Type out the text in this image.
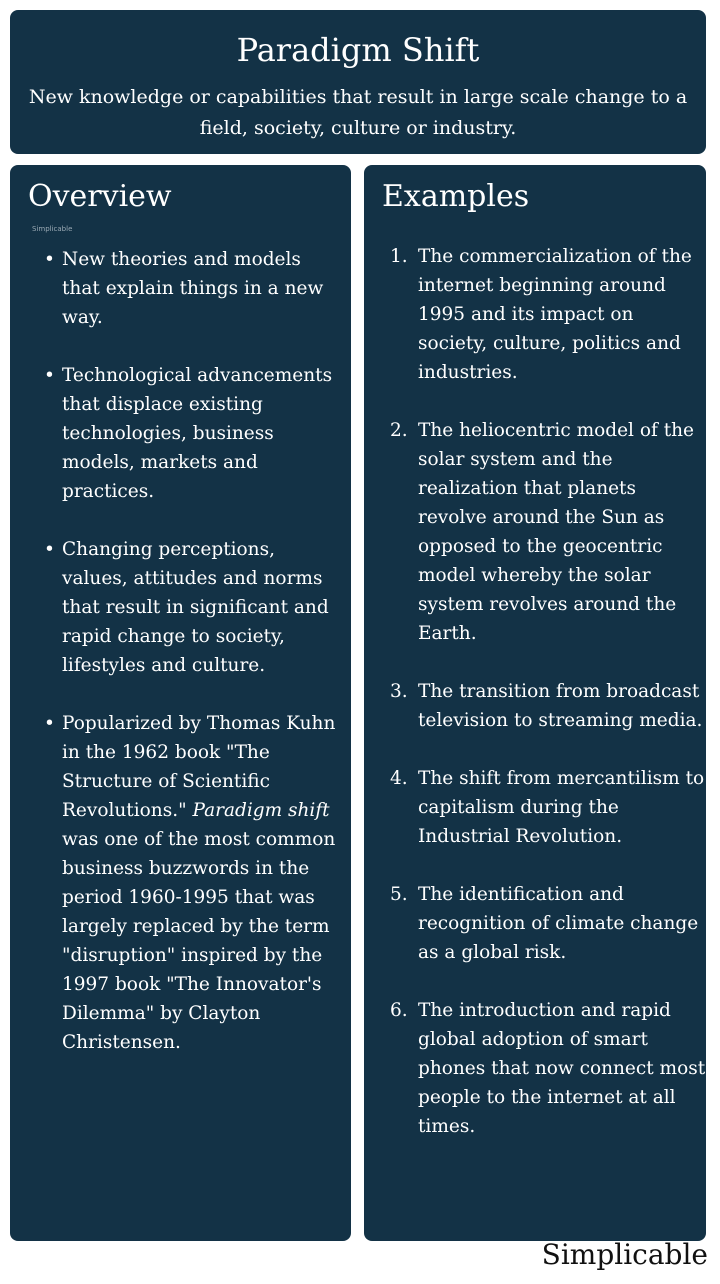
Paradigm Shift
New knowledge or capabilities that result in large scale change to a field, society, culture or industry.
Overview
Simplicable
• New theories and models that explain things in a new way.
• Technological advancements that displace existing technologies, business models, markets and practices.
• Changing perceptions, values, attitudes and norms that result in significant and rapid change to society, lifestyles and culture.
• Popularized by Thomas Kuhn in the 1962 book "The Structure of Scientific Revolutions." Paradigm shift was one of the most common business buzzwords in the period 1960-1995 that was largely replaced by the term "disruption" inspired by the 1997 book "The Innovator's Dilemma" by Clayton Christensen.
Examples
1. The commercialization of the internet beginning around 1995 and its impact on society, culture, politics and industries.
2. The heliocentric model of the solar system and the realization that planets revolve around the Sun as opposed to the geocentric model whereby the solar system revolves around the Earth.
3. The transition from broadcast television to streaming media.
4. The shift from mercantilism to capitalism during the Industrial Revolution.
5. The identification and recognition of climate change as a global risk.
6. The introduction and rapid global adoption of smart phones that now connect most people to the internet at all times.
Simplicable
